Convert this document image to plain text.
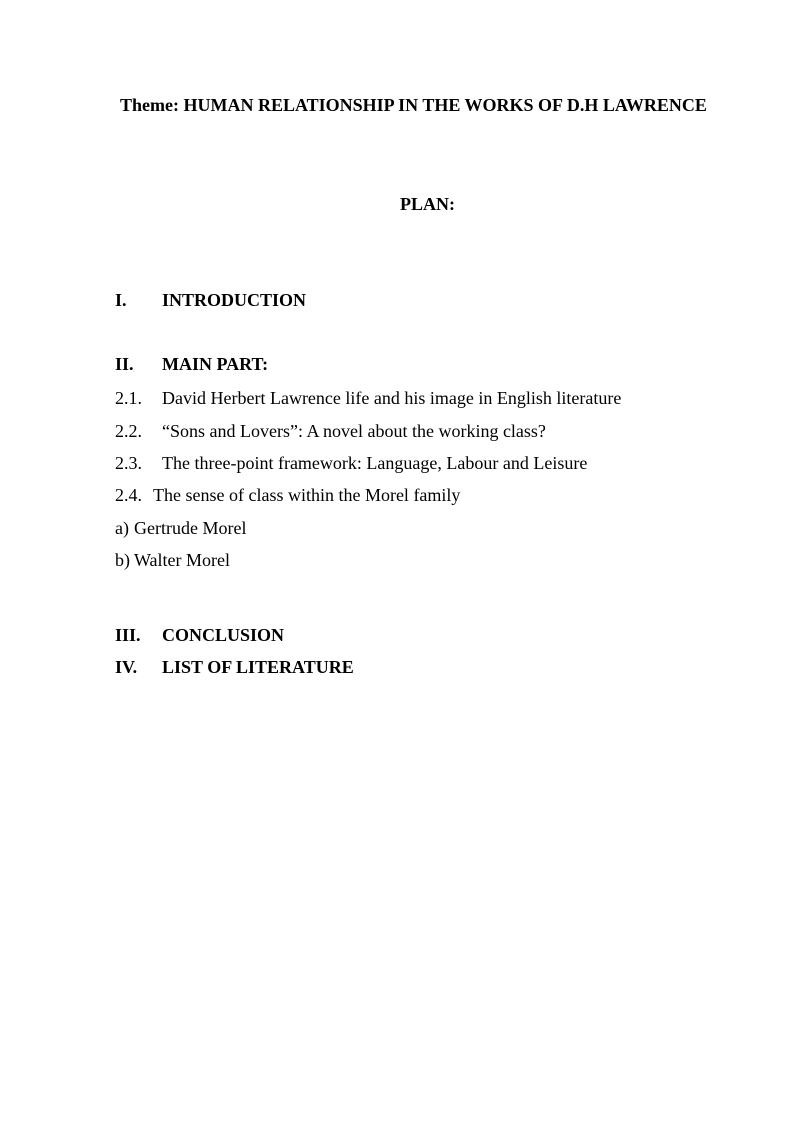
Theme: HUMAN RELATIONSHIP IN THE WORKS OF D.H LAWRENCE
PLAN:
I. INTRODUCTION
II. MAIN PART:
2.1. David Herbert Lawrence life and his image in English literature
2.2. “Sons and Lovers”: A novel about the working class?
2.3. The three-point framework: Language, Labour and Leisure
2.4. The sense of class within the Morel family
a) Gertrude Morel
b) Walter Morel
III. CONCLUSION
IV. LIST OF LITERATURE
